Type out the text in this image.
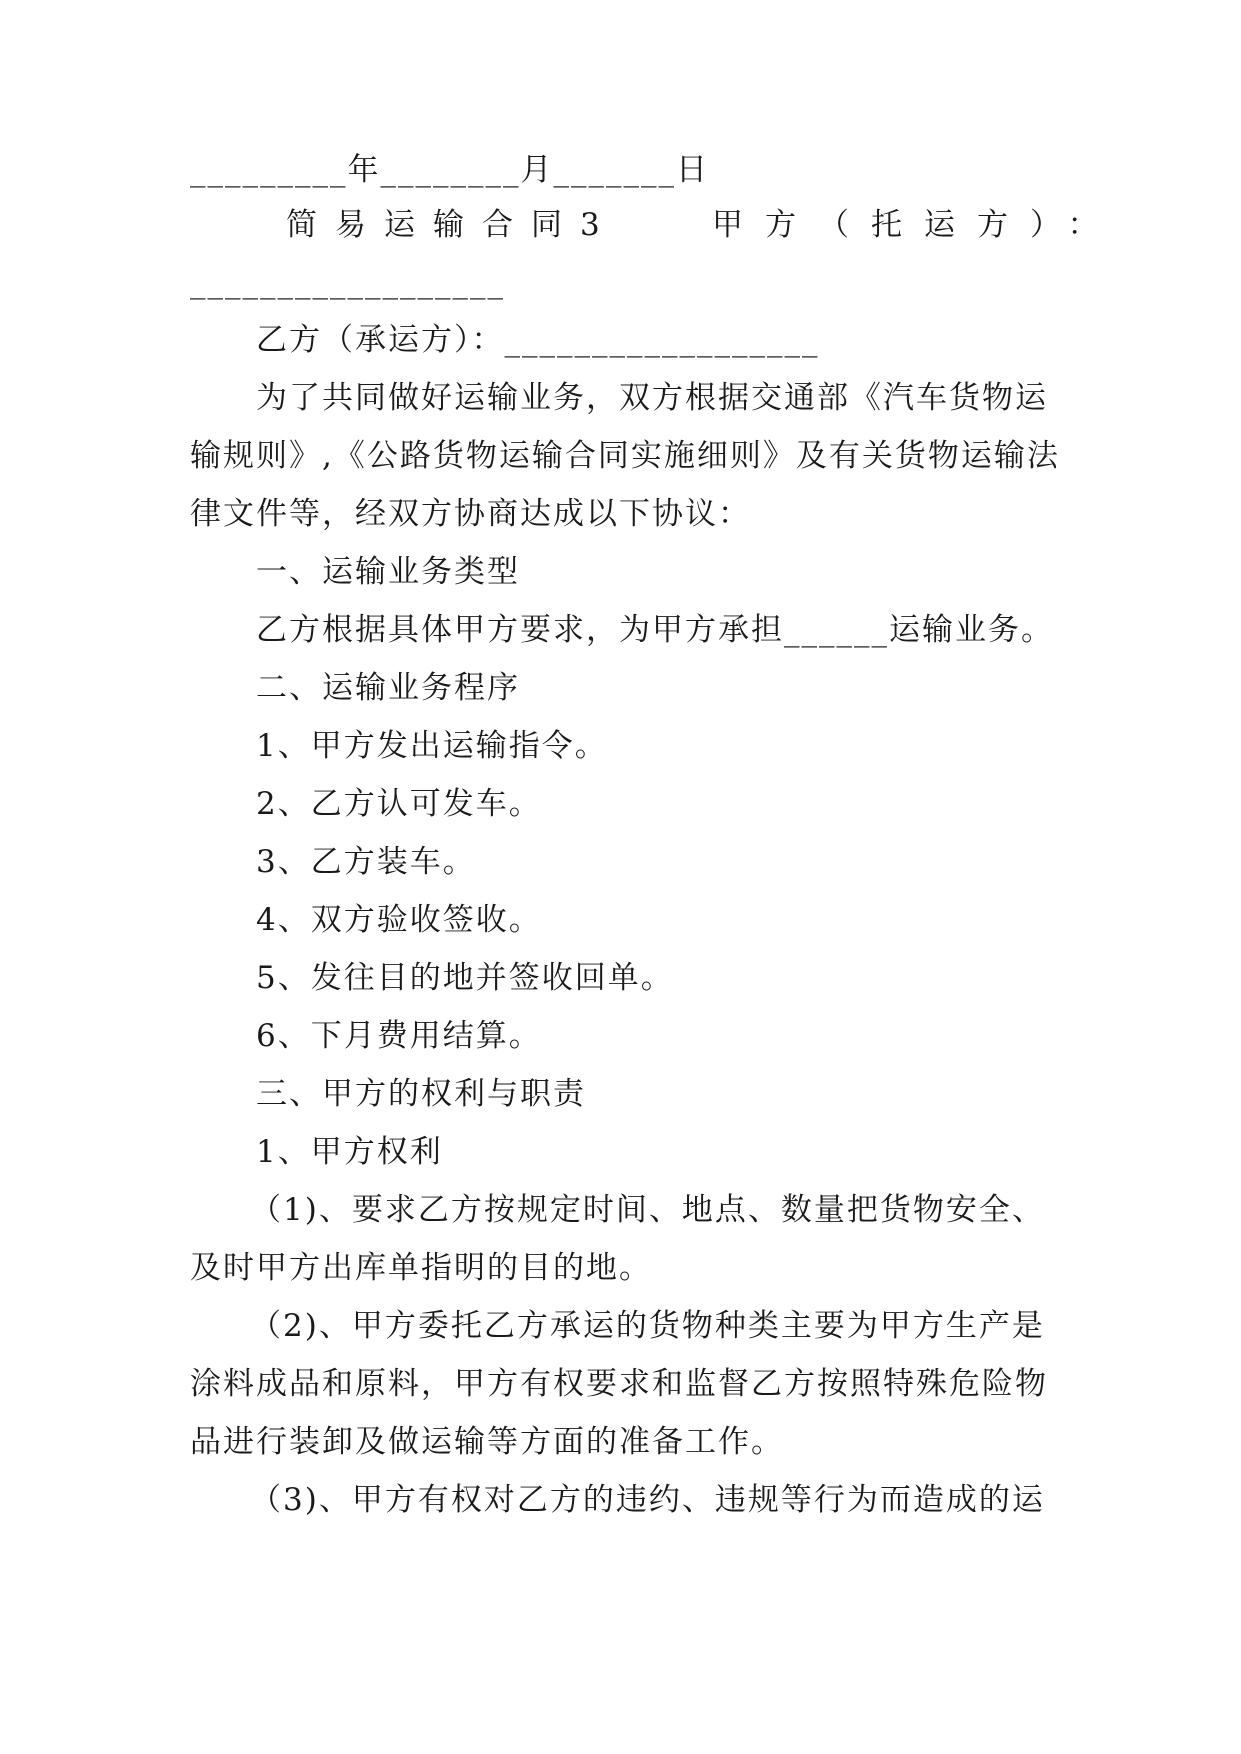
_________年________月_______日
简易运输合同3	甲方（托运方）：
__________________
乙方（承运方）：__________________
为了共同做好运输业务，双方根据交通部《汽车货物运
输规则》,《公路货物运输合同实施细则》及有关货物运输法
律文件等，经双方协商达成以下协议：
一、运输业务类型
乙方根据具体甲方要求，为甲方承担______运输业务。
二、运输业务程序
1、甲方发出运输指令。
2、乙方认可发车。
3、乙方装车。
4、双方验收签收。
5、发往目的地并签收回单。
6、下月费用结算。
三、甲方的权利与职责
1、甲方权利
（1)、要求乙方按规定时间、地点、数量把货物安全、
及时甲方出库单指明的目的地。
（2)、甲方委托乙方承运的货物种类主要为甲方生产是
涂料成品和原料，甲方有权要求和监督乙方按照特殊危险物
品进行装卸及做运输等方面的准备工作。
（3)、甲方有权对乙方的违约、违规等行为而造成的运
